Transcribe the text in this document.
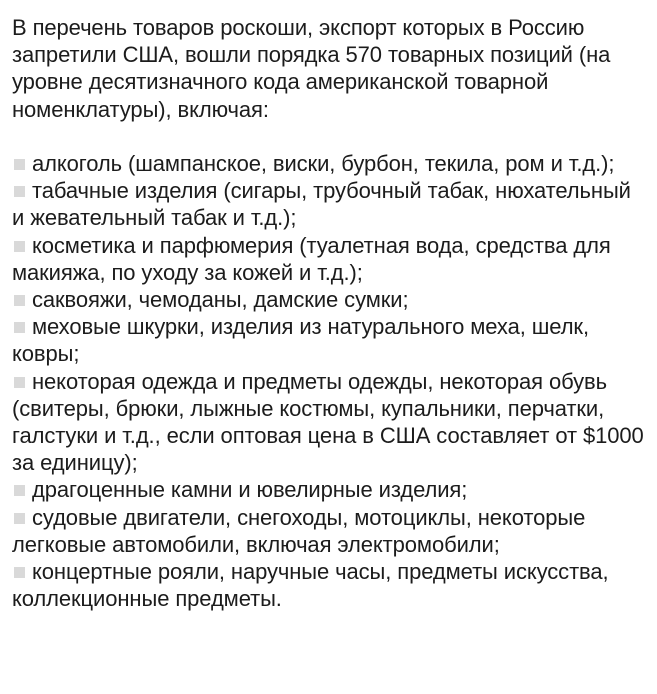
В перечень товаров роскоши, экспорт которых в Россию запретили США, вошли порядка 570 товарных позиций (на уровне десятизначного кода американской товарной номенклатуры), включая:

алкоголь (шампанское, виски, бурбон, текила, ром и т.д.);
табачные изделия (сигары, трубочный табак, нюхательный и жевательный табак и т.д.);
косметика и парфюмерия (туалетная вода, средства для макияжа, по уходу за кожей и т.д.);
саквояжи, чемоданы, дамские сумки;
меховые шкурки, изделия из натурального меха, шелк, ковры;
некоторая одежда и предметы одежды, некоторая обувь (свитеры, брюки, лыжные костюмы, купальники, перчатки, галстуки и т.д., если оптовая цена в США составляет от $1000 за единицу);
драгоценные камни и ювелирные изделия;
судовые двигатели, снегоходы, мотоциклы, некоторые легковые автомобили, включая электромобили;
концертные рояли, наручные часы, предметы искусства, коллекционные предметы.
